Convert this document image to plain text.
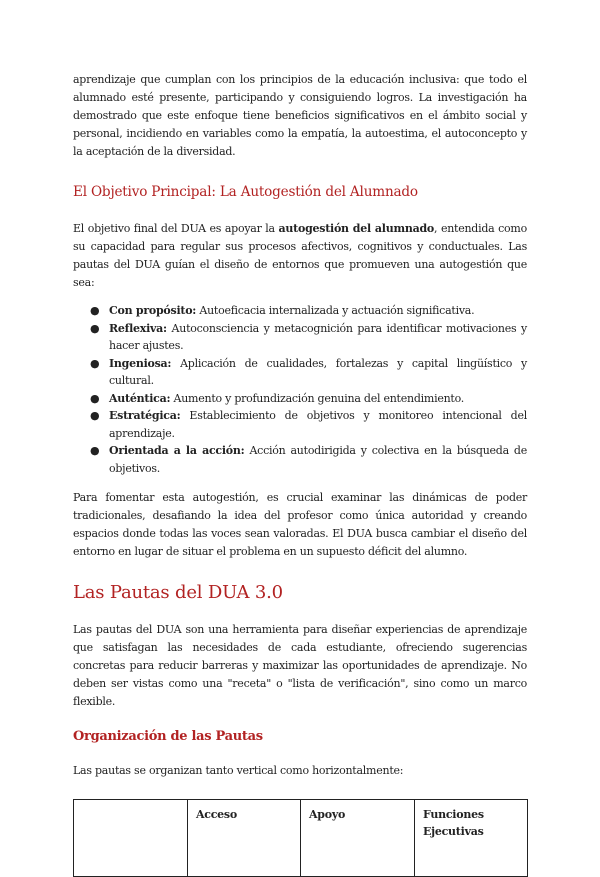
aprendizaje que cumplan con los principios de la educación inclusiva: que todo el alumnado esté presente, participando y consiguiendo logros. La investigación ha demostrado que este enfoque tiene beneficios significativos en el ámbito social y personal, incidiendo en variables como la empatía, la autoestima, el autoconcepto y la aceptación de la diversidad.

El Objetivo Principal: La Autogestión del Alumnado

El objetivo final del DUA es apoyar la autogestión del alumnado, entendida como su capacidad para regular sus procesos afectivos, cognitivos y conductuales. Las pautas del DUA guían el diseño de entornos que promueven una autogestión que sea:

● Con propósito: Autoeficacia internalizada y actuación significativa.
● Reflexiva: Autoconsciencia y metacognición para identificar motivaciones y hacer ajustes.
● Ingeniosa: Aplicación de cualidades, fortalezas y capital lingüístico y cultural.
● Auténtica: Aumento y profundización genuina del entendimiento.
● Estratégica: Establecimiento de objetivos y monitoreo intencional del aprendizaje.
● Orientada a la acción: Acción autodirigida y colectiva en la búsqueda de objetivos.

Para fomentar esta autogestión, es crucial examinar las dinámicas de poder tradicionales, desafiando la idea del profesor como única autoridad y creando espacios donde todas las voces sean valoradas. El DUA busca cambiar el diseño del entorno en lugar de situar el problema en un supuesto déficit del alumno.

Las Pautas del DUA 3.0

Las pautas del DUA son una herramienta para diseñar experiencias de aprendizaje que satisfagan las necesidades de cada estudiante, ofreciendo sugerencias concretas para reducir barreras y maximizar las oportunidades de aprendizaje. No deben ser vistas como una "receta" o "lista de verificación", sino como un marco flexible.

Organización de las Pautas

Las pautas se organizan tanto vertical como horizontalmente:

	Acceso	Apoyo	Funciones Ejecutivas
